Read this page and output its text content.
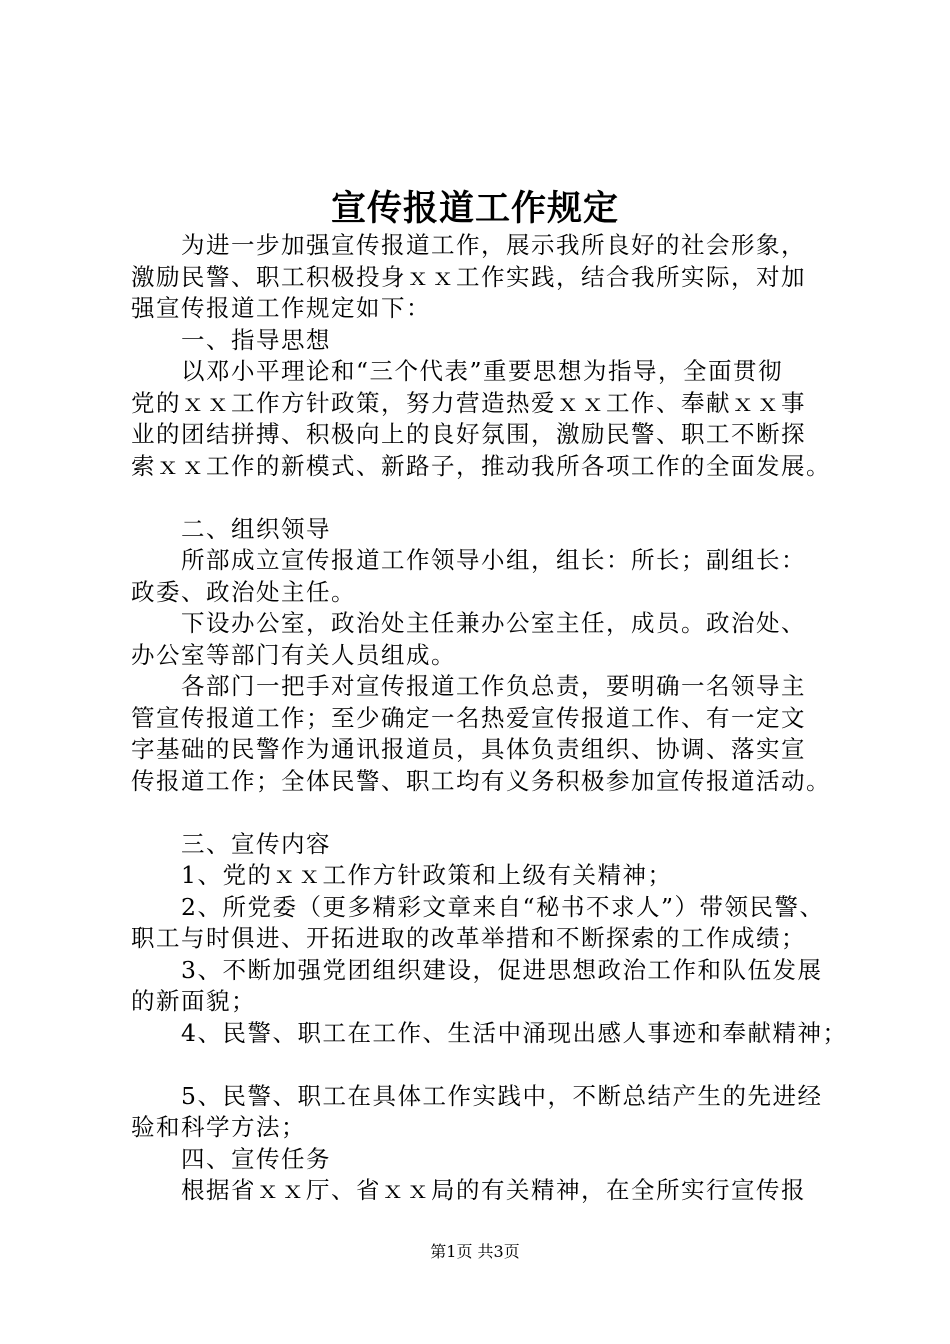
宣传报道工作规定
为进一步加强宣传报道工作，展示我所良好的社会形象，
激励民警、职工积极投身ｘｘ工作实践，结合我所实际，对加
强宣传报道工作规定如下：
一、指导思想
以邓小平理论和“三个代表”重要思想为指导，全面贯彻
党的ｘｘ工作方针政策，努力营造热爱ｘｘ工作、奉献ｘｘ事
业的团结拼搏、积极向上的良好氛围，激励民警、职工不断探
索ｘｘ工作的新模式、新路子，推动我所各项工作的全面发展。
二、组织领导
所部成立宣传报道工作领导小组，组长：所长；副组长：
政委、政治处主任。
下设办公室，政治处主任兼办公室主任，成员。政治处、
办公室等部门有关人员组成。
各部门一把手对宣传报道工作负总责，要明确一名领导主
管宣传报道工作；至少确定一名热爱宣传报道工作、有一定文
字基础的民警作为通讯报道员，具体负责组织、协调、落实宣
传报道工作；全体民警、职工均有义务积极参加宣传报道活动。
三、宣传内容
1、党的ｘｘ工作方针政策和上级有关精神；
2、所党委（更多精彩文章来自“秘书不求人”）带领民警、
职工与时俱进、开拓进取的改革举措和不断探索的工作成绩；
3、不断加强党团组织建设，促进思想政治工作和队伍发展
的新面貌；
4、民警、职工在工作、生活中涌现出感人事迹和奉献精神；
5、民警、职工在具体工作实践中，不断总结产生的先进经
验和科学方法；
四、宣传任务
根据省ｘｘ厅、省ｘｘ局的有关精神，在全所实行宣传报
第1页 共3页
